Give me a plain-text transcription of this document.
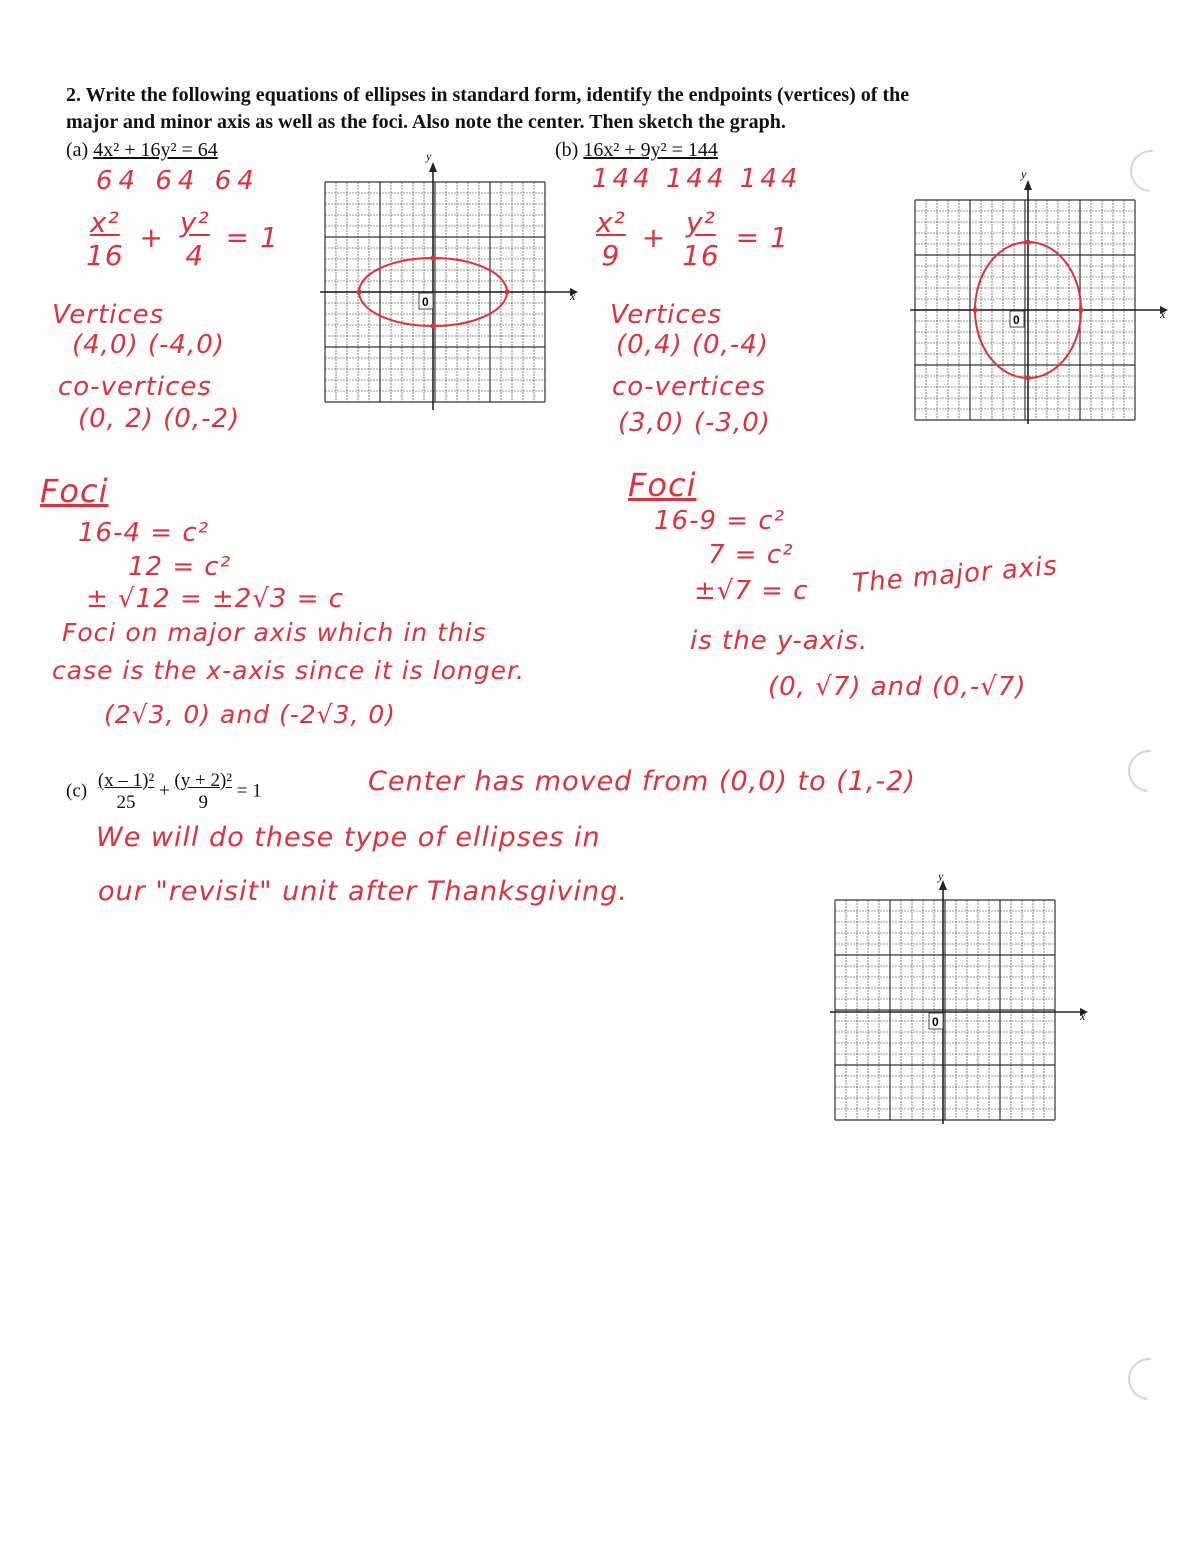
2. Write the following equations of ellipses in standard form, identify the endpoints (vertices) of the
major and minor axis as well as the foci. Also note the center. Then sketch the graph.
(a) 4x² + 16y² = 64
64 64 64
$\frac{\text{x²}}{16} + \frac{\text{y²}}{4} = 1$
Vertices
(4,0) (-4,0)
co-vertices
(0, 2) (0,-2)
Foci
16-4 = c²
12 = c²
± √12 = ±2√3 = c
Foci on major axis which in this
case is the x-axis since it is longer.
(2√3, 0) and (-2√3, 0)
(b) 16x² + 9y² = 144
144 144 144
$\frac{\text{x²}}{9} + \frac{\text{y²}}{16} = 1$
Vertices
(0,4) (0,-4)
co-vertices
(3,0) (-3,0)
Foci
16-9 = c²
7 = c²
±√7 = c The major axis
is the y-axis.
(0, √7) and (0,-√7)
$(c) \frac{\text{(x – 1)²}}{25} + \frac{\text{(y + 2)²}}{9} = 1$	Center has moved from (0,0) to (1,-2)
We will do these type of ellipses in
our "revisit" unit after Thanksgiving.
x
y
0
x
y
0
x
y
0
